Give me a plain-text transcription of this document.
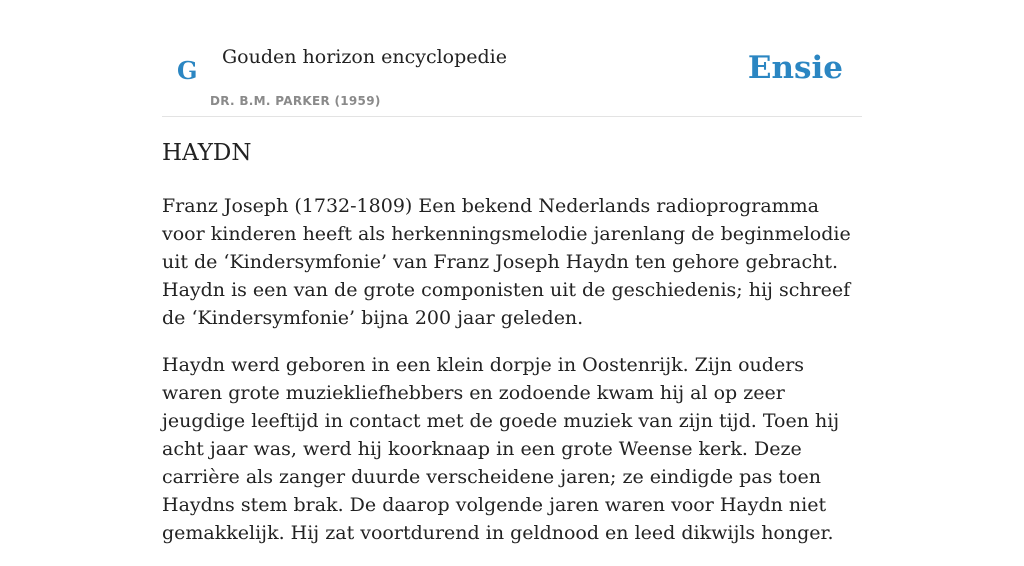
G Gouden horizon encyclopedie
DR. B.M. PARKER (1959)
Ensie
HAYDN

Franz Joseph (1732-1809) Een bekend Nederlands radioprogramma voor kinderen heeft als herkenningsmelodie jarenlang de beginmelodie uit de ‘Kindersymfonie’ van Franz Joseph Haydn ten gehore gebracht. Haydn is een van de grote componisten uit de geschiedenis; hij schreef de ‘Kindersymfonie’ bijna 200 jaar geleden.

Haydn werd geboren in een klein dorpje in Oostenrijk. Zijn ouders waren grote muziekliefhebbers en zodoende kwam hij al op zeer jeugdige leeftijd in contact met de goede muziek van zijn tijd. Toen hij acht jaar was, werd hij koorknaap in een grote Weense kerk. Deze carrière als zanger duurde verscheidene jaren; ze eindigde pas toen Haydns stem brak. De daarop volgende jaren waren voor Haydn niet gemakkelijk. Hij zat voortdurend in geldnood en leed dikwijls honger.
